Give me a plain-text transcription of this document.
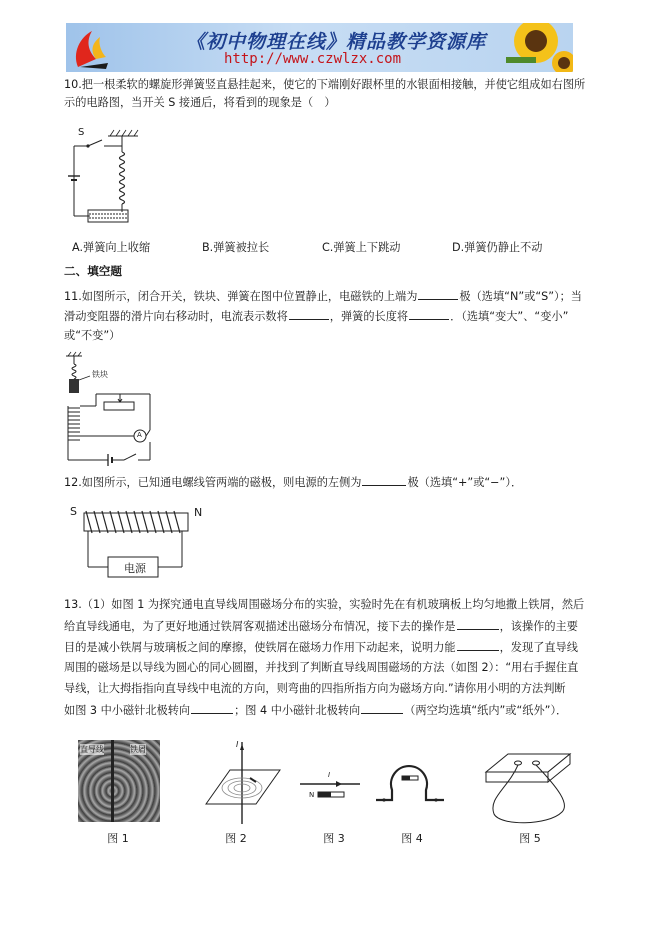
《初中物理在线》精品教学资源库
http://www.czwlzx.com
10.把一根柔软的螺旋形弹簧竖直悬挂起来，使它的下端刚好跟杯里的水银面相接触，并使它组成如右图所
示的电路图，当开关 S 接通后，将看到的现象是（　）
S
A.弹簧向上收缩	B.弹簧被拉长	C.弹簧上下跳动	D.弹簧仍静止不动
二、填空题
11.如图所示，闭合开关，铁块、弹簧在图中位置静止，电磁铁的上端为	极（选填“N”或“S”）；当
滑动变阻器的滑片向右移动时，电流表示数将	，弹簧的长度将	．（选填“变大”、“变小”
或“不变”）
铁块
A
12.如图所示，已知通电螺线管两端的磁极，则电源的左侧为	极（选填“+”或“−”）．
S	N
电源
13.（1）如图 1 为探究通电直导线周围磁场分布的实验，实验时先在有机玻璃板上均匀地撒上铁屑，然后
给直导线通电，为了更好地通过铁屑客观描述出磁场分布情况，接下去的操作是	，该操作的主要
目的是减小铁屑与玻璃板之间的摩擦，使铁屑在磁场力作用下动起来，说明力能	，发现了直导线
周围的磁场是以导线为圆心的同心圆圈，并找到了判断直导线周围磁场的方法（如图 2）：“用右手握住直
导线，让大拇指指向直导线中电流的方向，则弯曲的四指所指方向为磁场方向.”请你用小明的方法判断
如图 3 中小磁针北极转向	；图 4 中小磁针北极转向	（两空均选填“纸内”或“纸外”）．
直导线	铁屑
I
I
N
图 1	图 2	图 3	图 4	图 5
